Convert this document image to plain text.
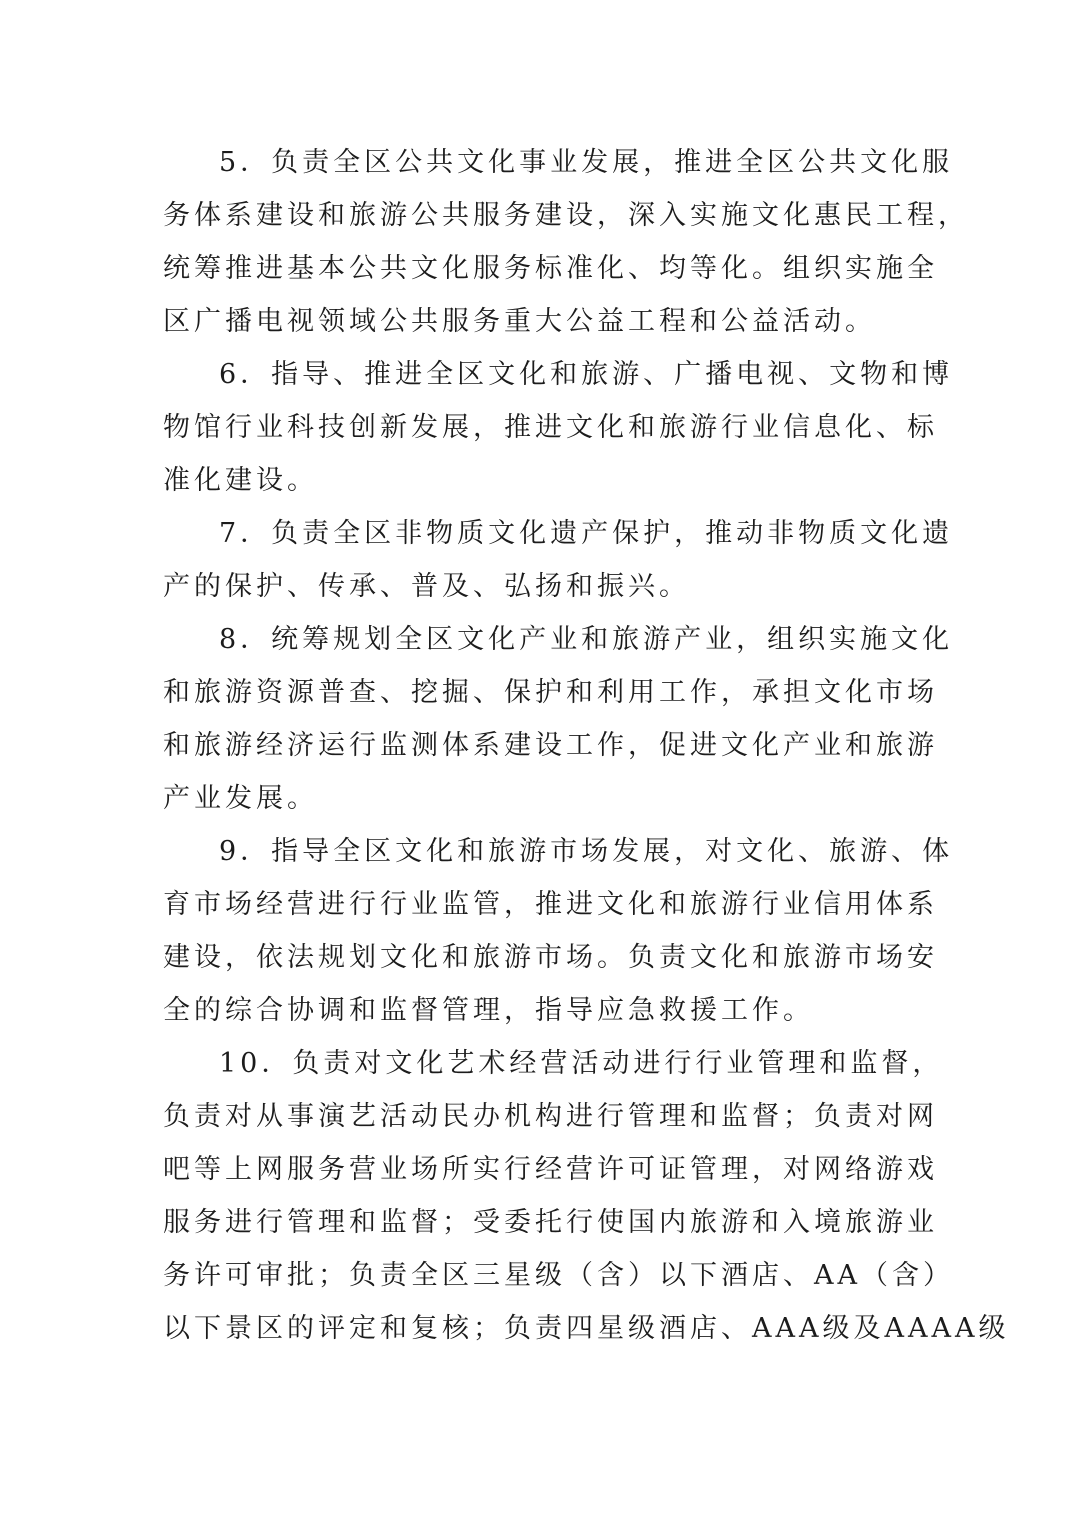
5．负责全区公共文化事业发展，推进全区公共文化服

务体系建设和旅游公共服务建设，深入实施文化惠民工程，

统筹推进基本公共文化服务标准化、均等化。组织实施全

区广播电视领域公共服务重大公益工程和公益活动。

6．指导、推进全区文化和旅游、广播电视、文物和博

物馆行业科技创新发展，推进文化和旅游行业信息化、标

准化建设。

7．负责全区非物质文化遗产保护，推动非物质文化遗

产的保护、传承、普及、弘扬和振兴。

8．统筹规划全区文化产业和旅游产业，组织实施文化

和旅游资源普查、挖掘、保护和利用工作，承担文化市场

和旅游经济运行监测体系建设工作，促进文化产业和旅游

产业发展。

9．指导全区文化和旅游市场发展，对文化、旅游、体

育市场经营进行行业监管，推进文化和旅游行业信用体系

建设，依法规划文化和旅游市场。负责文化和旅游市场安

全的综合协调和监督管理，指导应急救援工作。

10．负责对文化艺术经营活动进行行业管理和监督，

负责对从事演艺活动民办机构进行管理和监督；负责对网

吧等上网服务营业场所实行经营许可证管理，对网络游戏

服务进行管理和监督；受委托行使国内旅游和入境旅游业

务许可审批；负责全区三星级（含）以下酒店、AA（含）

以下景区的评定和复核；负责四星级酒店、AAA级及AAAA级
